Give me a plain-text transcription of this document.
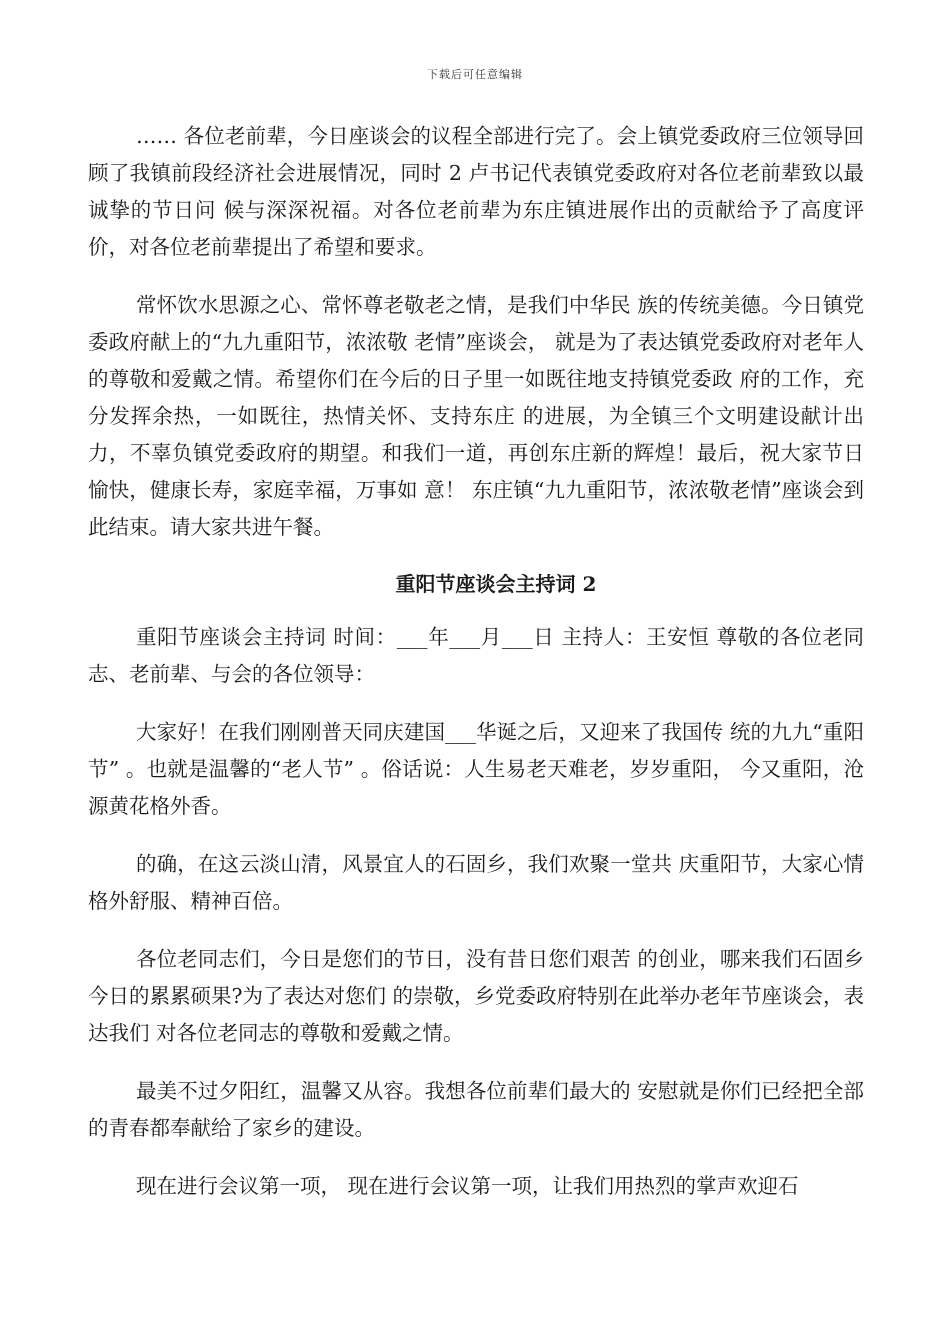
下载后可任意编辑

…… 各位老前辈，今日座谈会的议程全部进行完了。会上镇党委政府三位领导回顾了我镇前段经济社会进展情况，同时 2 卢书记代表镇党委政府对各位老前辈致以最诚挚的节日问 候与深深祝福。对各位老前辈为东庄镇进展作出的贡献给予了高度评价，对各位老前辈提出了希望和要求。

常怀饮水思源之心、常怀尊老敬老之情，是我们中华民 族的传统美德。今日镇党委政府献上的“九九重阳节，浓浓敬 老情”座谈会， 就是为了表达镇党委政府对老年人的尊敬和爱戴之情。希望你们在今后的日子里一如既往地支持镇党委政 府的工作，充分发挥余热，一如既往，热情关怀、支持东庄 的进展，为全镇三个文明建设献计出力，不辜负镇党委政府的期望。和我们一道，再创东庄新的辉煌！最后，祝大家节日愉快，健康长寿，家庭幸福，万事如 意！ 东庄镇“九九重阳节，浓浓敬老情”座谈会到此结束。请大家共进午餐。

重阳节座谈会主持词 2

重阳节座谈会主持词 时间：___年___月___日 主持人：王安恒 尊敬的各位老同志、老前辈、与会的各位领导：

大家好！在我们刚刚普天同庆建国___华诞之后，又迎来了我国传 统的九九“重阳节” 。也就是温馨的“老人节” 。俗话说：人生易老天难老，岁岁重阳， 今又重阳，沧源黄花格外香。

的确，在这云淡山清，风景宜人的石固乡，我们欢聚一堂共 庆重阳节，大家心情格外舒服、精神百倍。

各位老同志们，今日是您们的节日，没有昔日您们艰苦 的创业，哪来我们石固乡今日的累累硕果?为了表达对您们 的崇敬，乡党委政府特别在此举办老年节座谈会，表达我们 对各位老同志的尊敬和爱戴之情。

最美不过夕阳红，温馨又从容。我想各位前辈们最大的 安慰就是你们已经把全部的青春都奉献给了家乡的建设。

现在进行会议第一项， 现在进行会议第一项，让我们用热烈的掌声欢迎石
